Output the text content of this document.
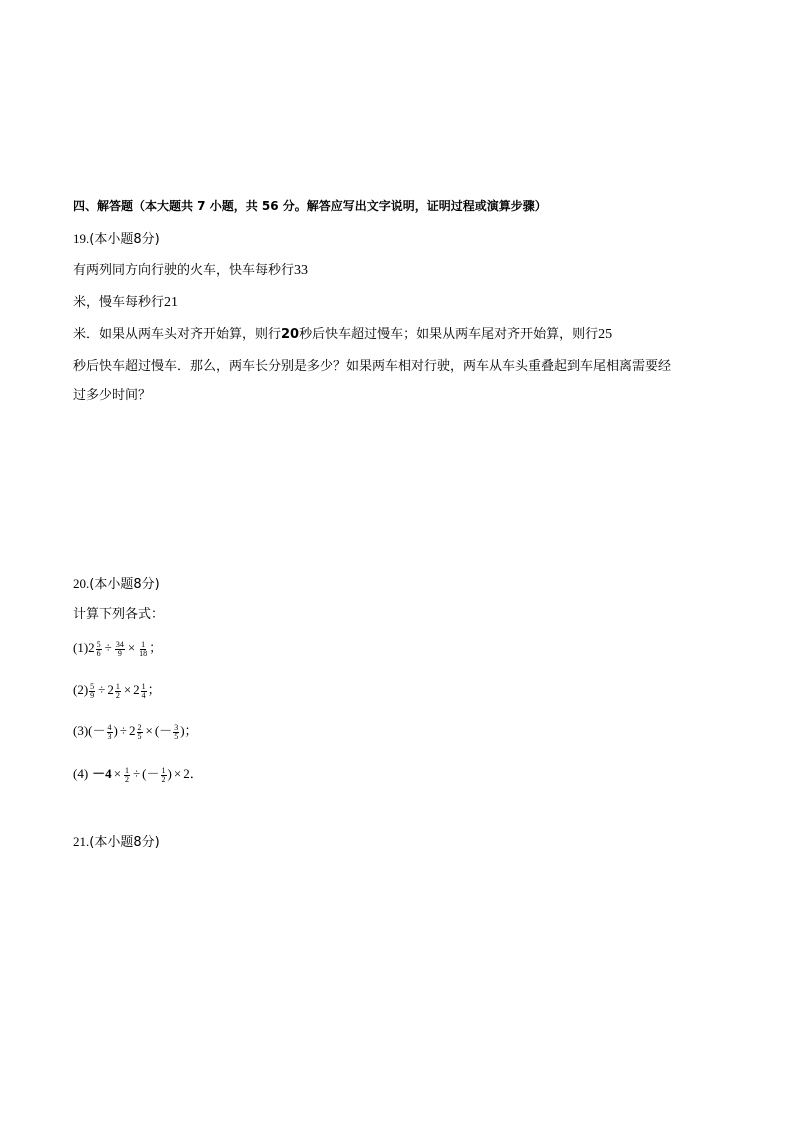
四、解答题（本大题共 7 小题，共 56 分。解答应写出文字说明，证明过程或演算步骤）
19.(本小题8分)
有两列同方向行驶的火车，快车每秒行33
米，慢车每秒行21
米．如果从两车头对齐开始算，则行20秒后快车超过慢车；如果从两车尾对齐开始算，则行25
秒后快车超过慢车．那么，两车长分别是多少？如果两车相对行驶，两车从车头重叠起到车尾相离需要经
过多少时间？
20.(本小题8分)
计算下列各式：
$(1)2 \frac{5}{6} \div \frac{34}{9} \times \frac{1}{18}$ ；
$(2) \frac{5}{9} \div 2 \frac{1}{2} \times 2 \frac{1}{4}$ ；
$(3)(- \frac{4}{3}$ ) ÷ $2 \frac{2}{5}$ × (－ $\frac{3}{5}$ )；
$(4) -4 \times \frac{1}{2}$ ÷ (－ $\frac{1}{2}$ ) × 2．
21.(本小题8分)
